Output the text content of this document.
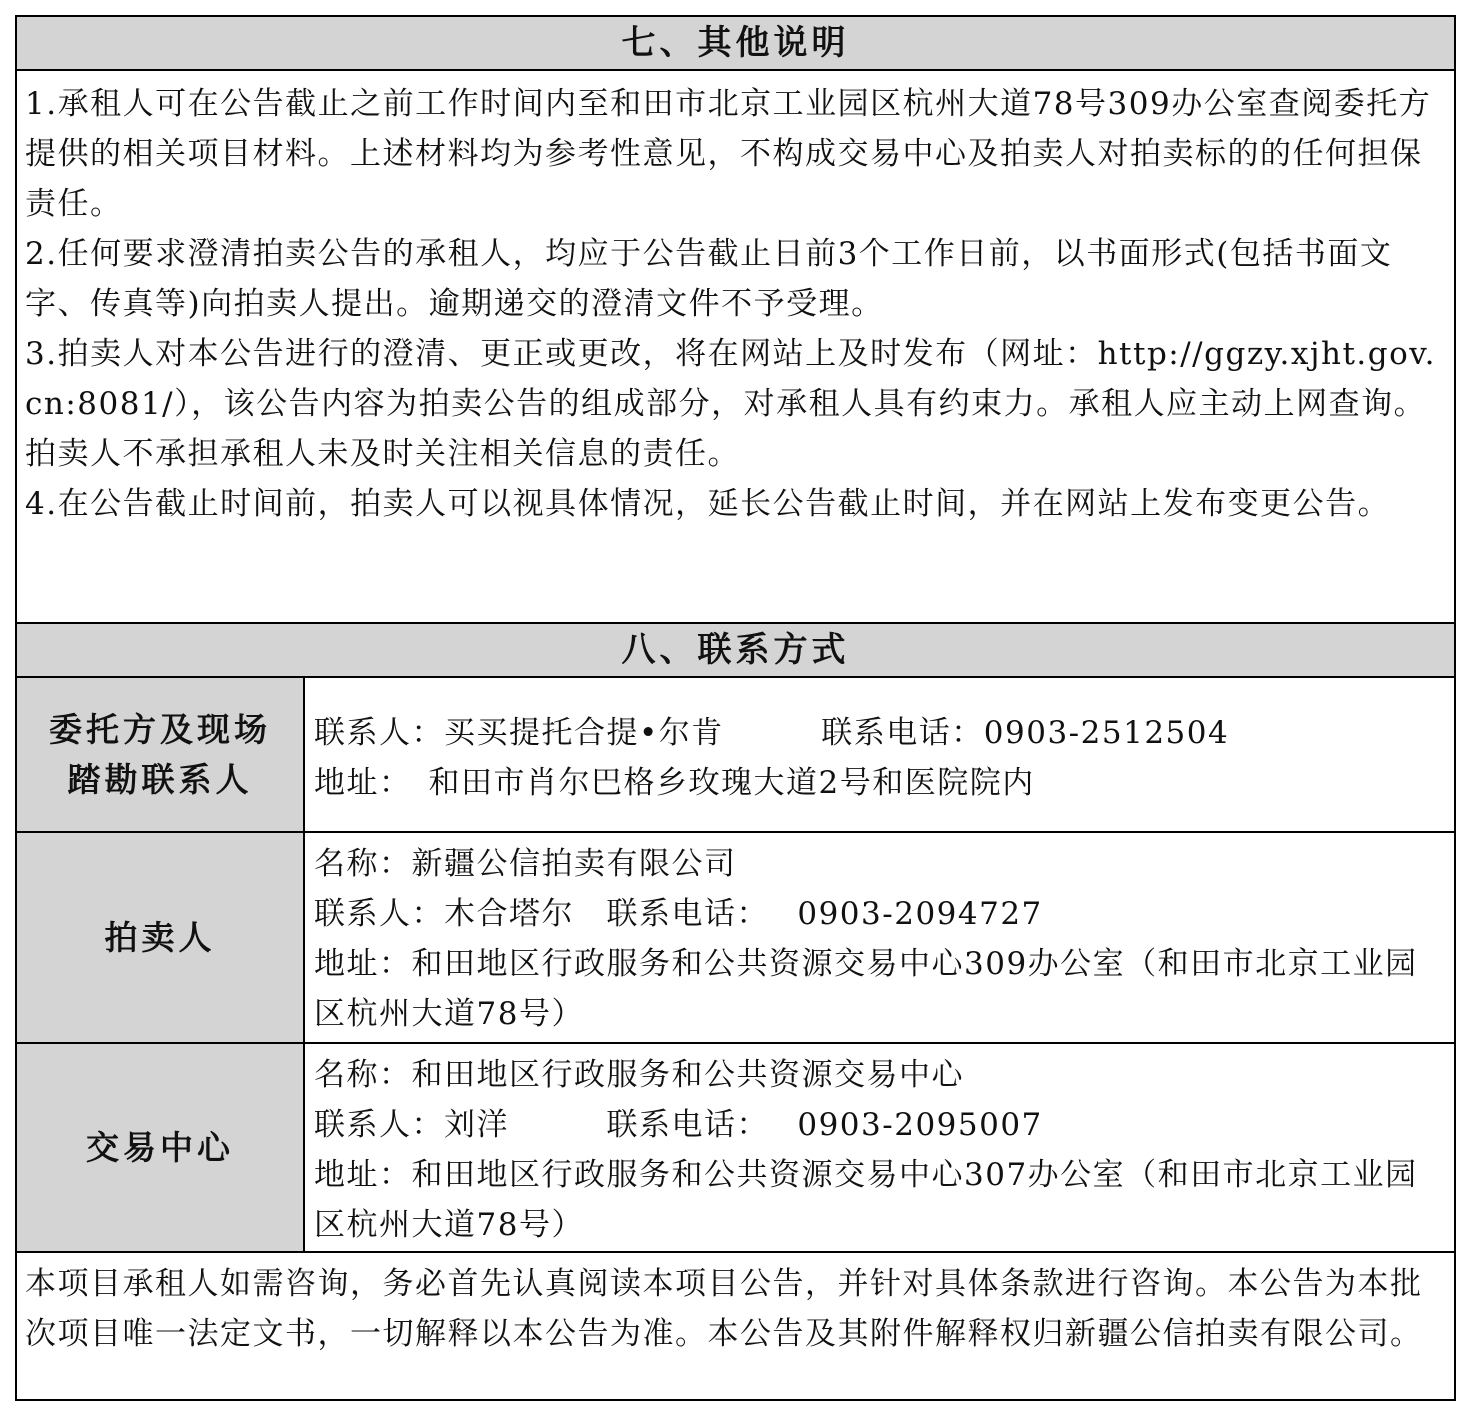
七、其他说明

1.承租人可在公告截止之前工作时间内至和田市北京工业园区杭州大道78号309办公室查阅委托方提供的相关项目材料。上述材料均为参考性意见，不构成交易中心及拍卖人对拍卖标的的任何担保责任。

2.任何要求澄清拍卖公告的承租人，均应于公告截止日前3个工作日前，以书面形式(包括书面文字、传真等)向拍卖人提出。逾期递交的澄清文件不予受理。

3.拍卖人对本公告进行的澄清、更正或更改，将在网站上及时发布（网址：http://ggzy.xjht.gov.cn:8081/），该公告内容为拍卖公告的组成部分，对承租人具有约束力。承租人应主动上网查询。拍卖人不承担承租人未及时关注相关信息的责任。

4.在公告截止时间前，拍卖人可以视具体情况，延长公告截止时间，并在网站上发布变更公告。

八、联系方式
委托方及现场
踏勘联系人

联系人：买买提托合提•尔肯　　　联系电话：0903-2512504

地址：　和田市肖尔巴格乡玫瑰大道2号和医院院内

拍卖人

名称：新疆公信拍卖有限公司

联系人：木合塔尔　联系电话：　 0903-2094727

地址：和田地区行政服务和公共资源交易中心309办公室（和田市北京工业园区杭州大道78号）

交易中心

名称：和田地区行政服务和公共资源交易中心

联系人：刘洋　　　联系电话：　 0903-2095007

地址：和田地区行政服务和公共资源交易中心307办公室（和田市北京工业园区杭州大道78号）

本项目承租人如需咨询，务必首先认真阅读本项目公告，并针对具体条款进行咨询。本公告为本批次项目唯一法定文书，一切解释以本公告为准。本公告及其附件解释权归新疆公信拍卖有限公司。
